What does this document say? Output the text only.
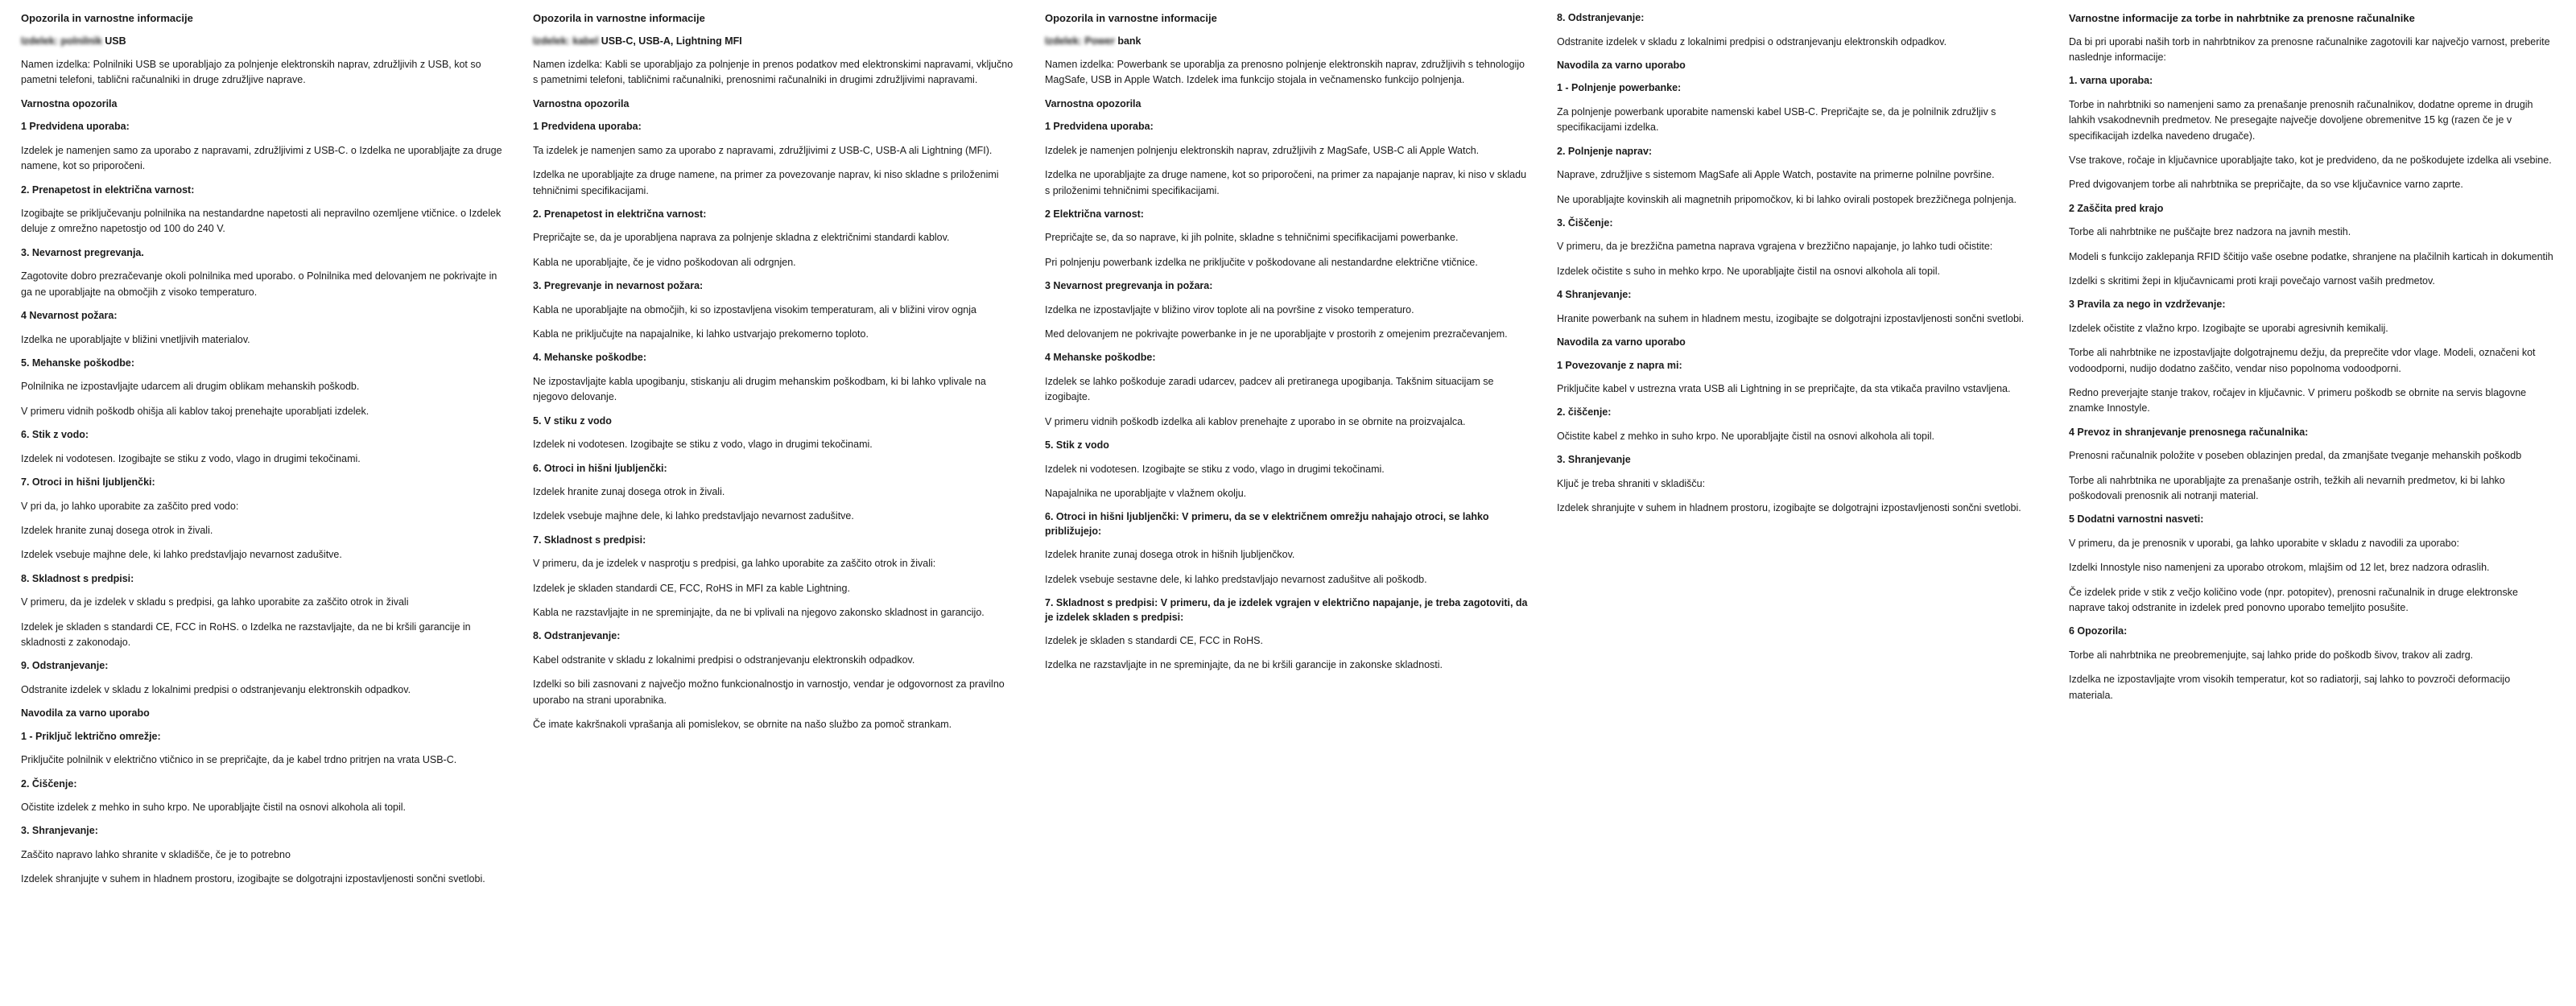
Opozorila in varnostne informacije
Izdelek: polnilnik USB

Namen izdelka: Polnilniki USB se uporabljajo za polnjenje elektronskih naprav, združljivih z USB, kot so pametni telefoni, tablični računalniki in druge združljive naprave.

Varnostna opozorila
1 Predvidena uporaba:

Izdelek je namenjen samo za uporabo z napravami, združljivimi z USB-C. o Izdelka ne uporabljajte za druge namene, kot so priporočeni.

2. Prenapetost in električna varnost:

Izogibajte se priključevanju polnilnika na nestandardne napetosti ali nepravilno ozemljene vtičnice. o Izdelek deluje z omrežno napetostjo od 100 do 240 V.

3. Nevarnost pregrevanja.

Zagotovite dobro prezračevanje okoli polnilnika med uporabo. o Polnilnika med delovanjem ne pokrivajte in ga ne uporabljajte na območjih z visoko temperaturo.

4 Nevarnost požara:

Izdelka ne uporabljajte v bližini vnetljivih materialov.

5. Mehanske poškodbe:

Polnilnika ne izpostavljajte udarcem ali drugim oblikam mehanskih poškodb.

V primeru vidnih poškodb ohišja ali kablov takoj prenehajte uporabljati izdelek.

6. Stik z vodo:

Izdelek ni vodotesen. Izogibajte se stiku z vodo, vlago in drugimi tekočinami.

7. Otroci in hišni ljubljenčki:

V pri da, jo lahko uporabite za zaščito pred vodo:

Izdelek hranite zunaj dosega otrok in živali.

Izdelek vsebuje majhne dele, ki lahko predstavljajo nevarnost zadušitve.

8. Skladnost s predpisi:

V primeru, da je izdelek v skladu s predpisi, ga lahko uporabite za zaščito otrok in živali

Izdelek je skladen s standardi CE, FCC in RoHS. o Izdelka ne razstavljajte, da ne bi kršili garancije in skladnosti z zakonodajo.

9. Odstranjevanje:

Odstranite izdelek v skladu z lokalnimi predpisi o odstranjevanju elektronskih odpadkov.

Navodila za varno uporabo
1 - Priključ lektrično omrežje:

Priključite polnilnik v električno vtičnico in se prepričajte, da je kabel trdno pritrjen na vrata USB-C.

2. Čiščenje:

Očistite izdelek z mehko in suho krpo. Ne uporabljajte čistil na osnovi alkohola ali topil.

3. Shranjevanje:

Zaščito napravo lahko shranite v skladišče, če je to potrebno

Izdelek shranjujte v suhem in hladnem prostoru, izogibajte se dolgotrajni izpostavljenosti sončni svetlobi.

Opozorila in varnostne informacije
Izdelek: kabel USB-C, USB-A, Lightning MFI

Namen izdelka: Kabli se uporabljajo za polnjenje in prenos podatkov med elektronskimi napravami, vključno s pametnimi telefoni, tabličnimi računalniki, prenosnimi računalniki in drugimi združljivimi napravami.

Varnostna opozorila
1 Predvidena uporaba:

Ta izdelek je namenjen samo za uporabo z napravami, združljivimi z USB-C, USB-A ali Lightning (MFI).

Izdelka ne uporabljajte za druge namene, na primer za povezovanje naprav, ki niso skladne s priloženimi tehničnimi specifikacijami.

2. Prenapetost in električna varnost:

Prepričajte se, da je uporabljena naprava za polnjenje skladna z električnimi standardi kablov.

Kabla ne uporabljajte, če je vidno poškodovan ali odrgnjen.

3. Pregrevanje in nevarnost požara:

Kabla ne uporabljajte na območjih, ki so izpostavljena visokim temperaturam, ali v bližini virov ognja

Kabla ne priključujte na napajalnike, ki lahko ustvarjajo prekomerno toploto.

4. Mehanske poškodbe:

Ne izpostavljajte kabla upogibanju, stiskanju ali drugim mehanskim poškodbam, ki bi lahko vplivale na njegovo delovanje.

5. V stiku z vodo

Izdelek ni vodotesen. Izogibajte se stiku z vodo, vlago in drugimi tekočinami.

6. Otroci in hišni ljubljenčki:

Izdelek hranite zunaj dosega otrok in živali.

Izdelek vsebuje majhne dele, ki lahko predstavljajo nevarnost zadušitve.

7. Skladnost s predpisi:

V primeru, da je izdelek v nasprotju s predpisi, ga lahko uporabite za zaščito otrok in živali:

Izdelek je skladen standardi CE, FCC, RoHS in MFI za kable Lightning.

Kabla ne razstavljajte in ne spreminjajte, da ne bi vplivali na njegovo zakonsko skladnost in garancijo.

8. Odstranjevanje:

Kabel odstranite v skladu z lokalnimi predpisi o odstranjevanju elektronskih odpadkov.

Izdelki so bili zasnovani z največjo možno funkcionalnostjo in varnostjo, vendar je odgovornost za pravilno uporabo na strani uporabnika.

Če imate kakršnakoli vprašanja ali pomislekov, se obrnite na našo službo za pomoč strankam.

Opozorila in varnostne informacije
Izdelek: Power bank

Namen izdelka: Powerbank se uporablja za prenosno polnjenje elektronskih naprav, združljivih s tehnologijo MagSafe, USB in Apple Watch. Izdelek ima funkcijo stojala in večnamensko funkcijo polnjenja.

Varnostna opozorila
1 Predvidena uporaba:

Izdelek je namenjen polnjenju elektronskih naprav, združljivih z MagSafe, USB-C ali Apple Watch.

Izdelka ne uporabljajte za druge namene, kot so priporočeni, na primer za napajanje naprav, ki niso v skladu s priloženimi tehničnimi specifikacijami.

2 Električna varnost:

Prepričajte se, da so naprave, ki jih polnite, skladne s tehničnimi specifikacijami powerbanke.

Pri polnjenju powerbank izdelka ne priključite v poškodovane ali nestandardne električne vtičnice.

3 Nevarnost pregrevanja in požara:

Izdelka ne izpostavljajte v bližino virov toplote ali na površine z visoko temperaturo.

Med delovanjem ne pokrivajte powerbanke in je ne uporabljajte v prostorih z omejenim prezračevanjem.

4 Mehanske poškodbe:

Izdelek se lahko poškoduje zaradi udarcev, padcev ali pretiranega upogibanja. Takšnim situacijam se izogibajte.

V primeru vidnih poškodb izdelka ali kablov prenehajte z uporabo in se obrnite na proizvajalca.

5. Stik z vodo

Izdelek ni vodotesen. Izogibajte se stiku z vodo, vlago in drugimi tekočinami.

Napajalnika ne uporabljajte v vlažnem okolju.

6. Otroci in hišni ljubljenčki: V primeru, da se v električnem omrežju nahajajo otroci, se lahko približujejo:

Izdelek hranite zunaj dosega otrok in hišnih ljubljenčkov.

Izdelek vsebuje sestavne dele, ki lahko predstavljajo nevarnost zadušitve ali poškodb.

7. Skladnost s predpisi: V primeru, da je izdelek vgrajen v električno napajanje, je treba zagotoviti, da je izdelek skladen s predpisi:

Izdelek je skladen s standardi CE, FCC in RoHS.

Izdelka ne razstavljajte in ne spreminjajte, da ne bi kršili garancije in zakonske skladnosti.

8. Odstranjevanje:

Odstranite izdelek v skladu z lokalnimi predpisi o odstranjevanju elektronskih odpadkov.

Navodila za varno uporabo
1 - Polnjenje powerbanke:

Za polnjenje powerbank uporabite namenski kabel USB-C. Prepričajte se, da je polnilnik združljiv s specifikacijami izdelka.

2. Polnjenje naprav:

Naprave, združljive s sistemom MagSafe ali Apple Watch, postavite na primerne polnilne površine.

Ne uporabljajte kovinskih ali magnetnih pripomočkov, ki bi lahko ovirali postopek brezžičnega polnjenja.

3. Čiščenje:

V primeru, da je brezžična pametna naprava vgrajena v brezžično napajanje, jo lahko tudi očistite:

Izdelek očistite s suho in mehko krpo. Ne uporabljajte čistil na osnovi alkohola ali topil.

4 Shranjevanje:

Hranite powerbank na suhem in hladnem mestu, izogibajte se dolgotrajni izpostavljenosti sončni svetlobi.

Navodila za varno uporabo
1 Povezovanje z napra mi:

Priključite kabel v ustrezna vrata USB ali Lightning in se prepričajte, da sta vtikača pravilno vstavljena.

2. čiščenje:

Očistite kabel z mehko in suho krpo. Ne uporabljajte čistil na osnovi alkohola ali topil.

3. Shranjevanje

Ključ je treba shraniti v skladišču:

Izdelek shranjujte v suhem in hladnem prostoru, izogibajte se dolgotrajni izpostavljenosti sončni svetlobi.

Varnostne informacije za torbe in nahrbtnike za prenosne računalnike

Da bi pri uporabi naših torb in nahrbtnikov za prenosne računalnike zagotovili kar največjo varnost, preberite naslednje informacije:

1. varna uporaba:

Torbe in nahrbtniki so namenjeni samo za prenašanje prenosnih računalnikov, dodatne opreme in drugih lahkih vsakodnevnih predmetov. Ne presegajte največje dovoljene obremenitve 15 kg (razen če je v specifikacijah izdelka navedeno drugače).

Vse trakove, ročaje in ključavnice uporabljajte tako, kot je predvideno, da ne poškodujete izdelka ali vsebine.

Pred dvigovanjem torbe ali nahrbtnika se prepričajte, da so vse ključavnice varno zaprte.

2 Zaščita pred krajo

Torbe ali nahrbtnike ne puščajte brez nadzora na javnih mestih.

Modeli s funkcijo zaklepanja RFID ščitijo vaše osebne podatke, shranjene na plačilnih karticah in dokumentih

Izdelki s skritimi žepi in ključavnicami proti kraji povečajo varnost vaših predmetov.

3 Pravila za nego in vzdrževanje:

Izdelek očistite z vlažno krpo. Izogibajte se uporabi agresivnih kemikalij.

Torbe ali nahrbtnike ne izpostavljajte dolgotrajnemu dežju, da preprečite vdor vlage. Modeli, označeni kot vodoodporni, nudijo dodatno zaščito, vendar niso popolnoma vodoodporni.

Redno preverjajte stanje trakov, ročajev in ključavnic. V primeru poškodb se obrnite na servis blagovne znamke Innostyle.

4 Prevoz in shranjevanje prenosnega računalnika:

Prenosni računalnik položite v poseben oblazinjen predal, da zmanjšate tveganje mehanskih poškodb

Torbe ali nahrbtnika ne uporabljajte za prenašanje ostrih, težkih ali nevarnih predmetov, ki bi lahko poškodovali prenosnik ali notranji material.

5 Dodatni varnostni nasveti:

V primeru, da je prenosnik v uporabi, ga lahko uporabite v skladu z navodili za uporabo:

Izdelki Innostyle niso namenjeni za uporabo otrokom, mlajšim od 12 let, brez nadzora odraslih.

Če izdelek pride v stik z večjo količino vode (npr. potopitev), prenosni računalnik in druge elektronske naprave takoj odstranite in izdelek pred ponovno uporabo temeljito posušite.

6 Opozorila:

Torbe ali nahrbtnika ne preobremenjujte, saj lahko pride do poškodb šivov, trakov ali zadrg.

Izdelka ne izpostavljajte vrom visokih temperatur, kot so radiatorji, saj lahko to povzroči deformacijo materiala.
